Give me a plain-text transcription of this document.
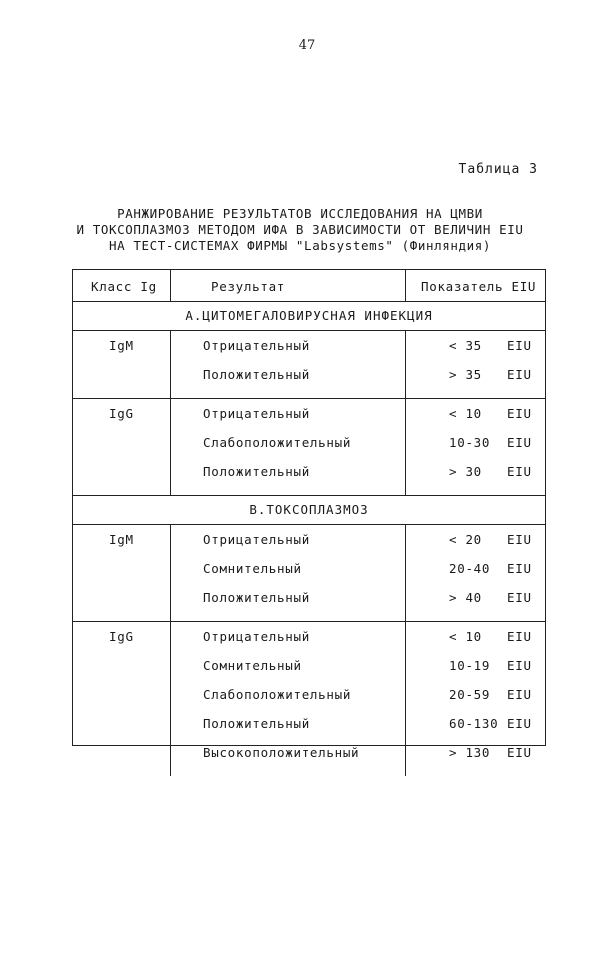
47
Таблица 3
РАНЖИРОВАНИЕ РЕЗУЛЬТАТОВ ИССЛЕДОВАНИЯ НА ЦМВИ
И ТОКСОПЛАЗМОЗ МЕТОДОМ ИФА В ЗАВИСИМОСТИ ОТ ВЕЛИЧИН EIU
НА ТЕСТ-СИСТЕМАХ ФИРМЫ "Labsystems" (Финляндия)
Класс Ig	Результат	Показатель EIU
А.ЦИТОМЕГАЛОВИРУСНАЯ ИНФЕКЦИЯ
IgM	Отрицательный	< 35 EIU
Положительный	> 35 EIU
IgG	Отрицательный	< 10 EIU
Слабоположительный	10-30 EIU
Положительный	> 30 EIU
В.ТОКСОПЛАЗМОЗ
IgM	Отрицательный	< 20 EIU
Сомнительный	20-40 EIU
Положительный	> 40 EIU
IgG	Отрицательный	< 10 EIU
Сомнительный	10-19 EIU
Слабоположительный	20-59 EIU
Положительный	60-130 EIU
Высокоположительный	> 130 EIU
